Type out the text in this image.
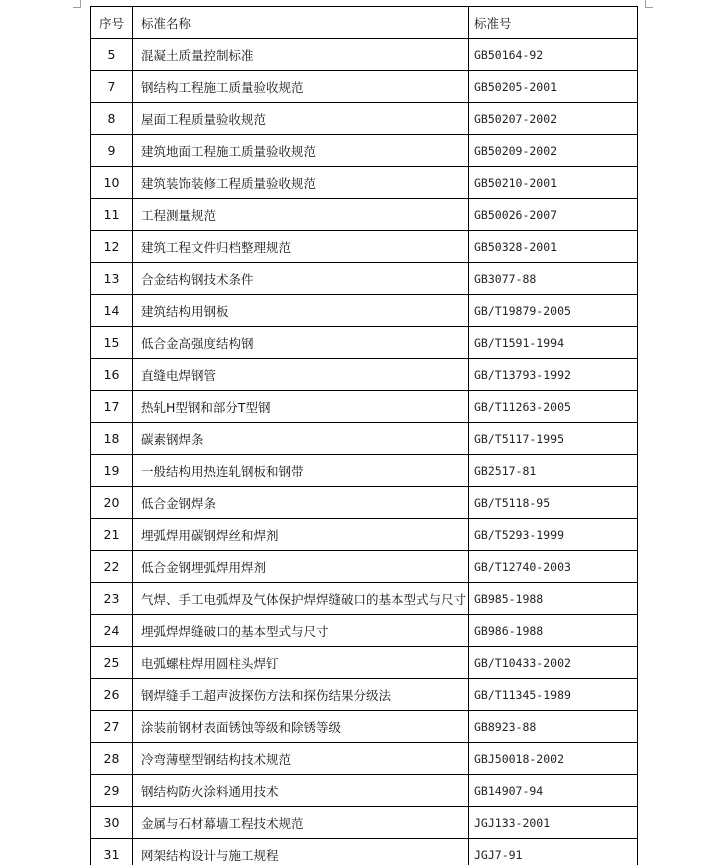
序号	标准名称	标准号
5	混凝土质量控制标准	GB50164-92
7	钢结构工程施工质量验收规范	GB50205-2001
8	屋面工程质量验收规范	GB50207-2002
9	建筑地面工程施工质量验收规范	GB50209-2002
10	建筑装饰装修工程质量验收规范	GB50210-2001
11	工程测量规范	GB50026-2007
12	建筑工程文件归档整理规范	GB50328-2001
13	合金结构钢技术条件	GB3077-88
14	建筑结构用钢板	GB/T19879-2005
15	低合金高强度结构钢	GB/T1591-1994
16	直缝电焊钢管	GB/T13793-1992
17	热轧H型钢和部分T型钢	GB/T11263-2005
18	碳素钢焊条	GB/T5117-1995
19	一般结构用热连轧钢板和钢带	GB2517-81
20	低合金钢焊条	GB/T5118-95
21	埋弧焊用碳钢焊丝和焊剂	GB/T5293-1999
22	低合金钢埋弧焊用焊剂	GB/T12740-2003
23	气焊、手工电弧焊及气体保护焊焊缝破口的基本型式与尺寸	GB985-1988
24	埋弧焊焊缝破口的基本型式与尺寸	GB986-1988
25	电弧螺柱焊用圆柱头焊钉	GB/T10433-2002
26	钢焊缝手工超声波探伤方法和探伤结果分级法	GB/T11345-1989
27	涂装前钢材表面锈蚀等级和除锈等级	GB8923-88
28	冷弯薄壁型钢结构技术规范	GBJ50018-2002
29	钢结构防火涂料通用技术	GB14907-94
30	金属与石材幕墙工程技术规范	JGJ133-2001
31	网架结构设计与施工规程	JGJ7-91
